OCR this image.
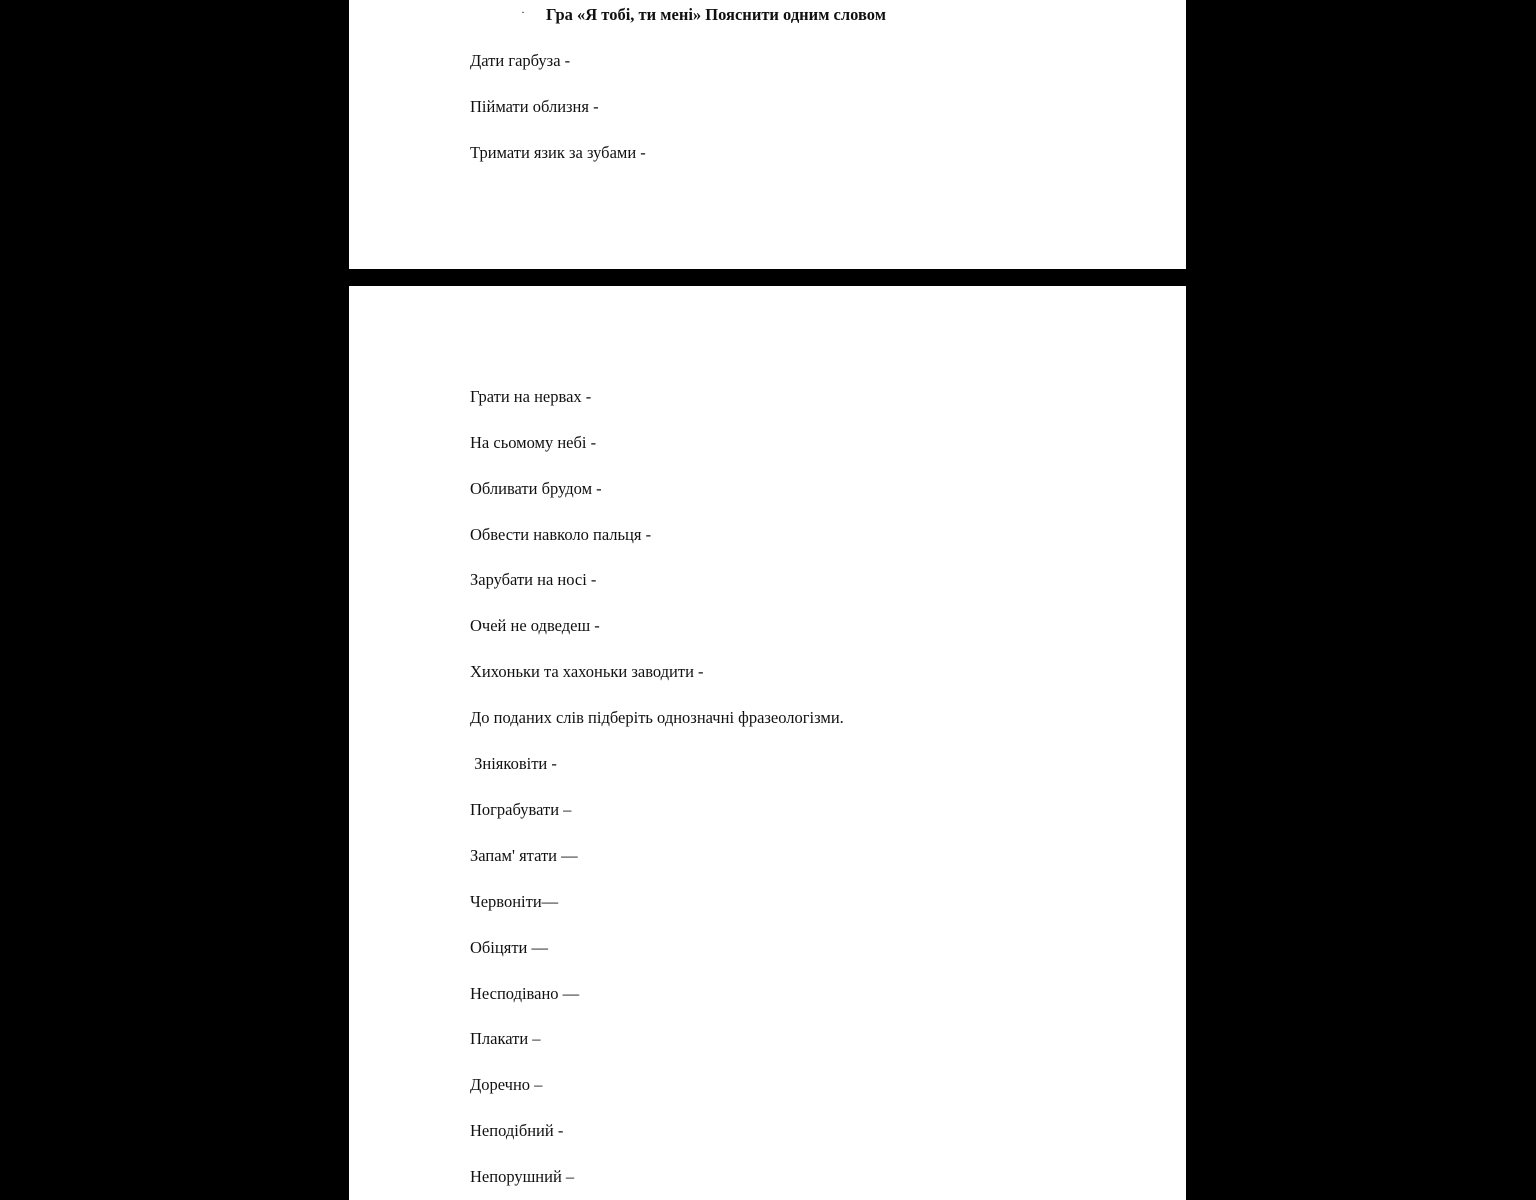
·	Гра «Я тобі, ти мені» Пояснити одним словом

Дати гарбуза -

Піймати облизня -

Тримати язик за зубами -

Грати на нервах -

На сьомому небі -

Обливати брудом -

Обвести навколо пальця -

Зарубати на носі -

Очей не одведеш -

Хихоньки та хахоньки заводити -

До поданих слів підберіть однозначні фразеологізми.

Зніяковіти -

Пограбувати –

Запам' ятати —

Червоніти—

Обіцяти —

Несподівано —

Плакати –

Доречно –

Неподібний -

Непорушний –
